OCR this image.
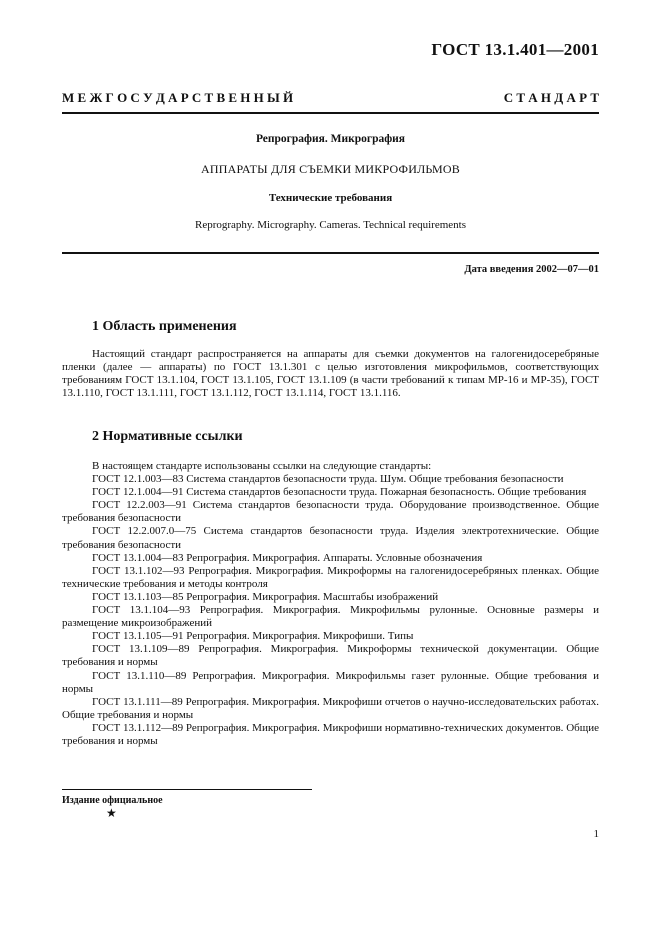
ГОСТ 13.1.401—2001
М Е Ж Г О С У Д А Р С Т В Е Н Н Ы Й	С Т А Н Д А Р Т
Репрография. Микрография
АППАРАТЫ ДЛЯ СЪЕМКИ МИКРОФИЛЬМОВ
Технические требования
Reprography. Micrography. Cameras. Technical requirements
Дата введения 2002—07—01
1 Область применения
Настоящий стандарт распространяется на аппараты для съемки документов на галогенидосеребряные пленки (далее — аппараты) по ГОСТ 13.1.301 с целью изготовления микрофильмов, соответствующих требованиям ГОСТ 13.1.104, ГОСТ 13.1.105, ГОСТ 13.1.109 (в части требований к типам МР-16 и МР-35), ГОСТ 13.1.110, ГОСТ 13.1.111, ГОСТ 13.1.112, ГОСТ 13.1.114, ГОСТ 13.1.116.
2 Нормативные ссылки

В настоящем стандарте использованы ссылки на следующие стандарты:

ГОСТ 12.1.003—83 Система стандартов безопасности труда. Шум. Общие требования безопасности

ГОСТ 12.1.004—91 Система стандартов безопасности труда. Пожарная безопасность. Общие требования

ГОСТ 12.2.003—91 Система стандартов безопасности труда. Оборудование производственное. Общие требования безопасности

ГОСТ 12.2.007.0—75 Система стандартов безопасности труда. Изделия электротехнические. Общие требования безопасности

ГОСТ 13.1.004—83 Репрография. Микрография. Аппараты. Условные обозначения

ГОСТ 13.1.102—93 Репрография. Микрография. Микроформы на галогенидосеребряных пленках. Общие технические требования и методы контроля

ГОСТ 13.1.103—85 Репрография. Микрография. Масштабы изображений

ГОСТ 13.1.104—93 Репрография. Микрография. Микрофильмы рулонные. Основные размеры и размещение микроизображений

ГОСТ 13.1.105—91 Репрография. Микрография. Микрофиши. Типы

ГОСТ 13.1.109—89 Репрография. Микрография. Микроформы технической документации. Общие требования и нормы

ГОСТ 13.1.110—89 Репрография. Микрография. Микрофильмы газет рулонные. Общие требования и нормы

ГОСТ 13.1.111—89 Репрография. Микрография. Микрофиши отчетов о научно-исследовательских работах. Общие требования и нормы

ГОСТ 13.1.112—89 Репрография. Микрография. Микрофиши нормативно-технических документов. Общие требования и нормы

Издание официальное
★
1
